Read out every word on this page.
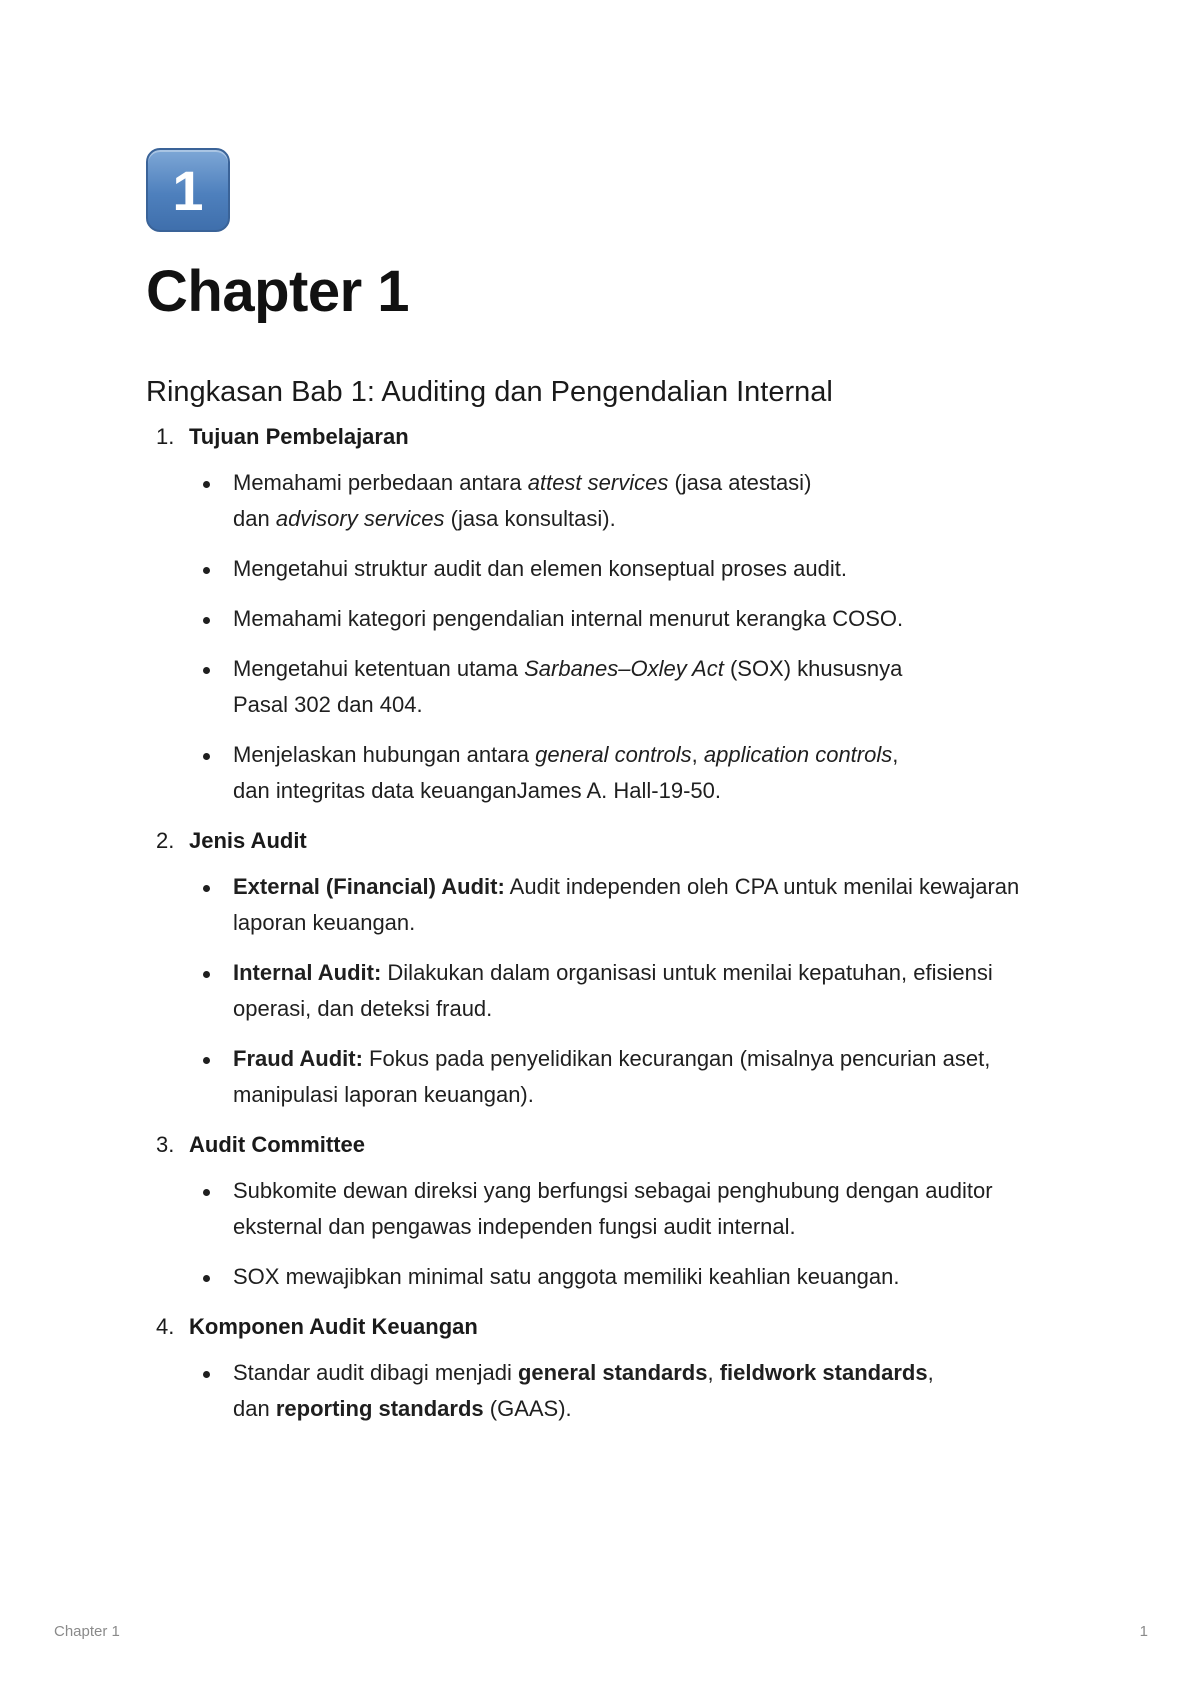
1
Chapter 1
Ringkasan Bab 1: Auditing dan Pengendalian Internal
1. Tujuan Pembelajaran
Memahami perbedaan antara attest services (jasa atestasi)
dan advisory services (jasa konsultasi).
Mengetahui struktur audit dan elemen konseptual proses audit.
Memahami kategori pengendalian internal menurut kerangka COSO.
Mengetahui ketentuan utama Sarbanes–Oxley Act (SOX) khususnya
Pasal 302 dan 404.
Menjelaskan hubungan antara general controls, application controls,
dan integritas data keuanganJames A. Hall-19-50.
2. Jenis Audit
External (Financial) Audit: Audit independen oleh CPA untuk menilai kewajaran laporan keuangan.
Internal Audit: Dilakukan dalam organisasi untuk menilai kepatuhan, efisiensi operasi, dan deteksi fraud.
Fraud Audit: Fokus pada penyelidikan kecurangan (misalnya pencurian aset, manipulasi laporan keuangan).
3. Audit Committee
Subkomite dewan direksi yang berfungsi sebagai penghubung dengan auditor eksternal dan pengawas independen fungsi audit internal.
SOX mewajibkan minimal satu anggota memiliki keahlian keuangan.
4. Komponen Audit Keuangan
Standar audit dibagi menjadi general standards, fieldwork standards,
dan reporting standards (GAAS).
Chapter 1	1
